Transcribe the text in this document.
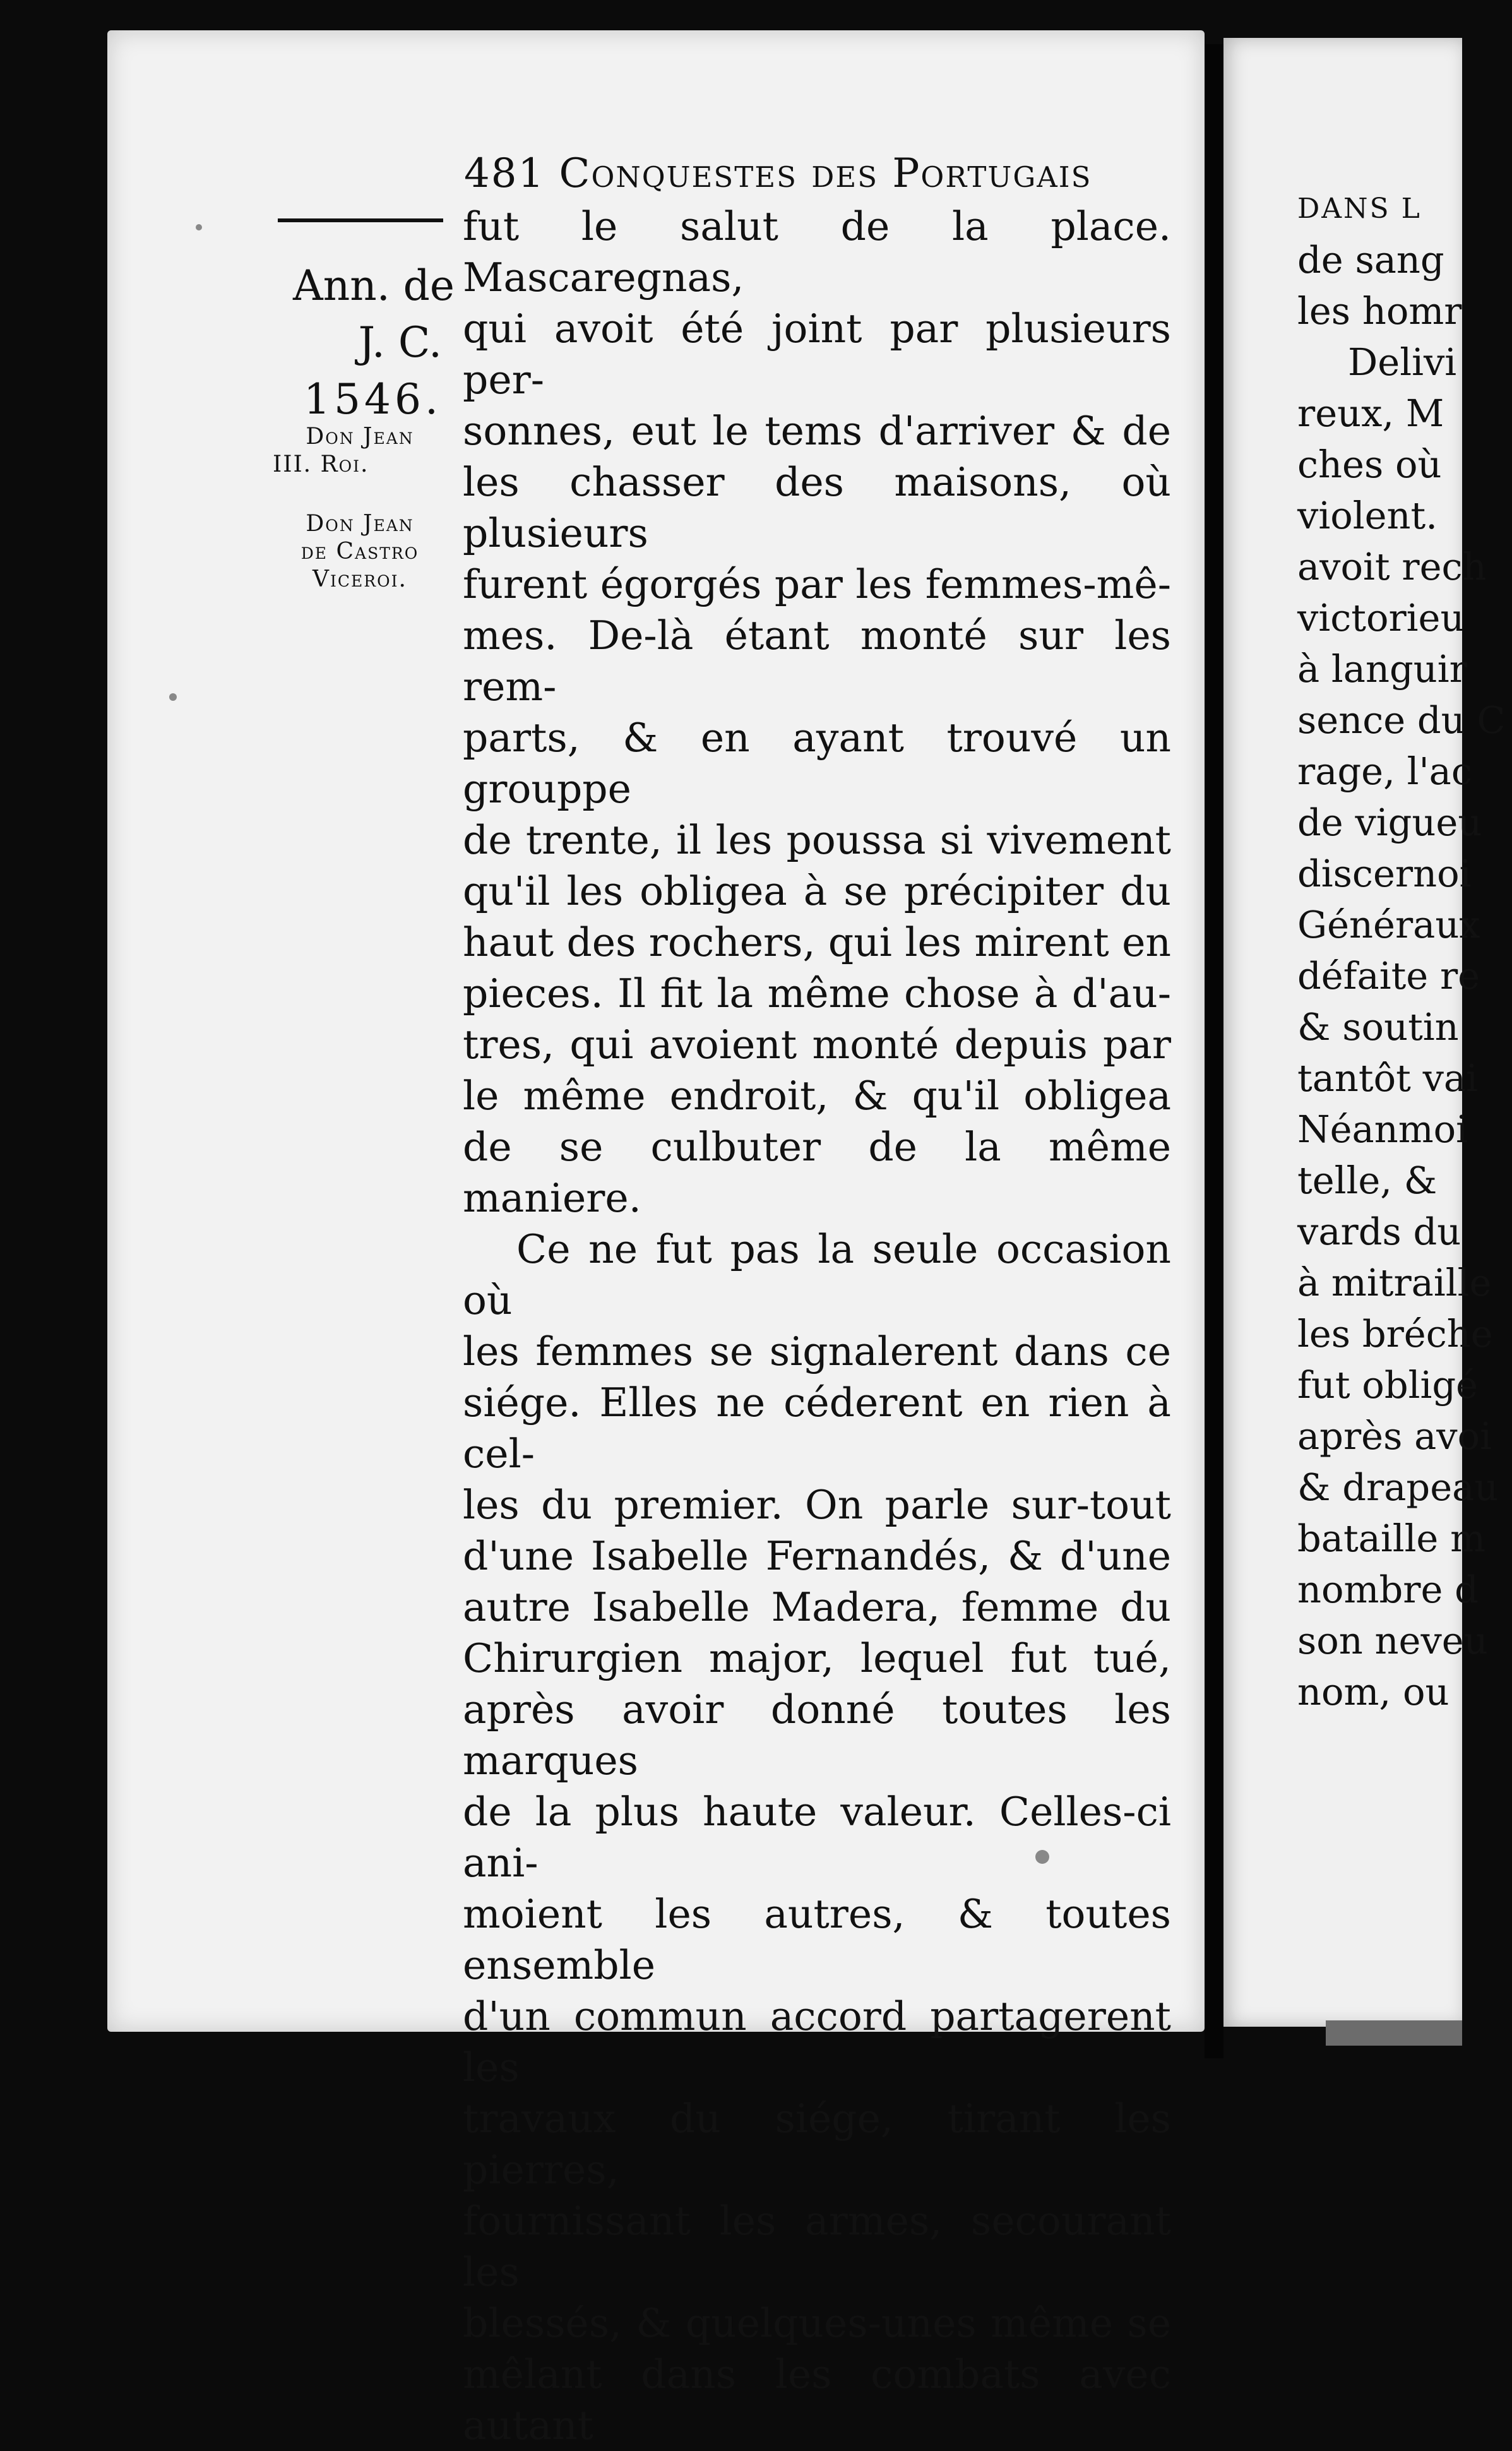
481 Conquestes des Portugais
Ann. de
J. C.
1546.
Don Jean
III. Roi.
Don Jean
de Castro
Viceroi.

fut le salut de la place. Mascaregnas,

qui avoit été joint par plusieurs per-

sonnes, eut le tems d'arriver & de

les chasser des maisons, où plusieurs

furent égorgés par les femmes-mê-

mes. De-là étant monté sur les rem-

parts, & en ayant trouvé un grouppe

de trente, il les poussa si vivement

qu'il les obligea à se précipiter du

haut des rochers, qui les mirent en

pieces. Il fit la même chose à d'au-

tres, qui avoient monté depuis par

le même endroit, & qu'il obligea

de se culbuter de la même maniere.

Ce ne fut pas la seule occasion où

les femmes se signalerent dans ce

siége. Elles ne céderent en rien à cel-

les du premier. On parle sur-tout

d'une Isabelle Fernandés, & d'une

autre Isabelle Madera, femme du

Chirurgien major, lequel fut tué,

après avoir donné toutes les marques

de la plus haute valeur. Celles-ci ani-

moient les autres, & toutes ensemble

d'un commun accord partagerent les

travaux du siége, tirant les pierres,

fournissant les armes, secourant les

blessés, & quelques-unes même se

mêlant dans les combats avec autant

DANS L
de sang
les homr
Delivi
reux, M
ches où
violent.
avoit rech
victorieu
à languir
sence du C
rage, l'ac
de vigueu
discernoi
Généraux
défaite re
& soutin
tantôt vai
Néanmoi
telle, &
vards du
à mitraille
les bréche
fut obligé
après avoi
& drapeau
bataille m
nombre d
son neveu
nom, ou
